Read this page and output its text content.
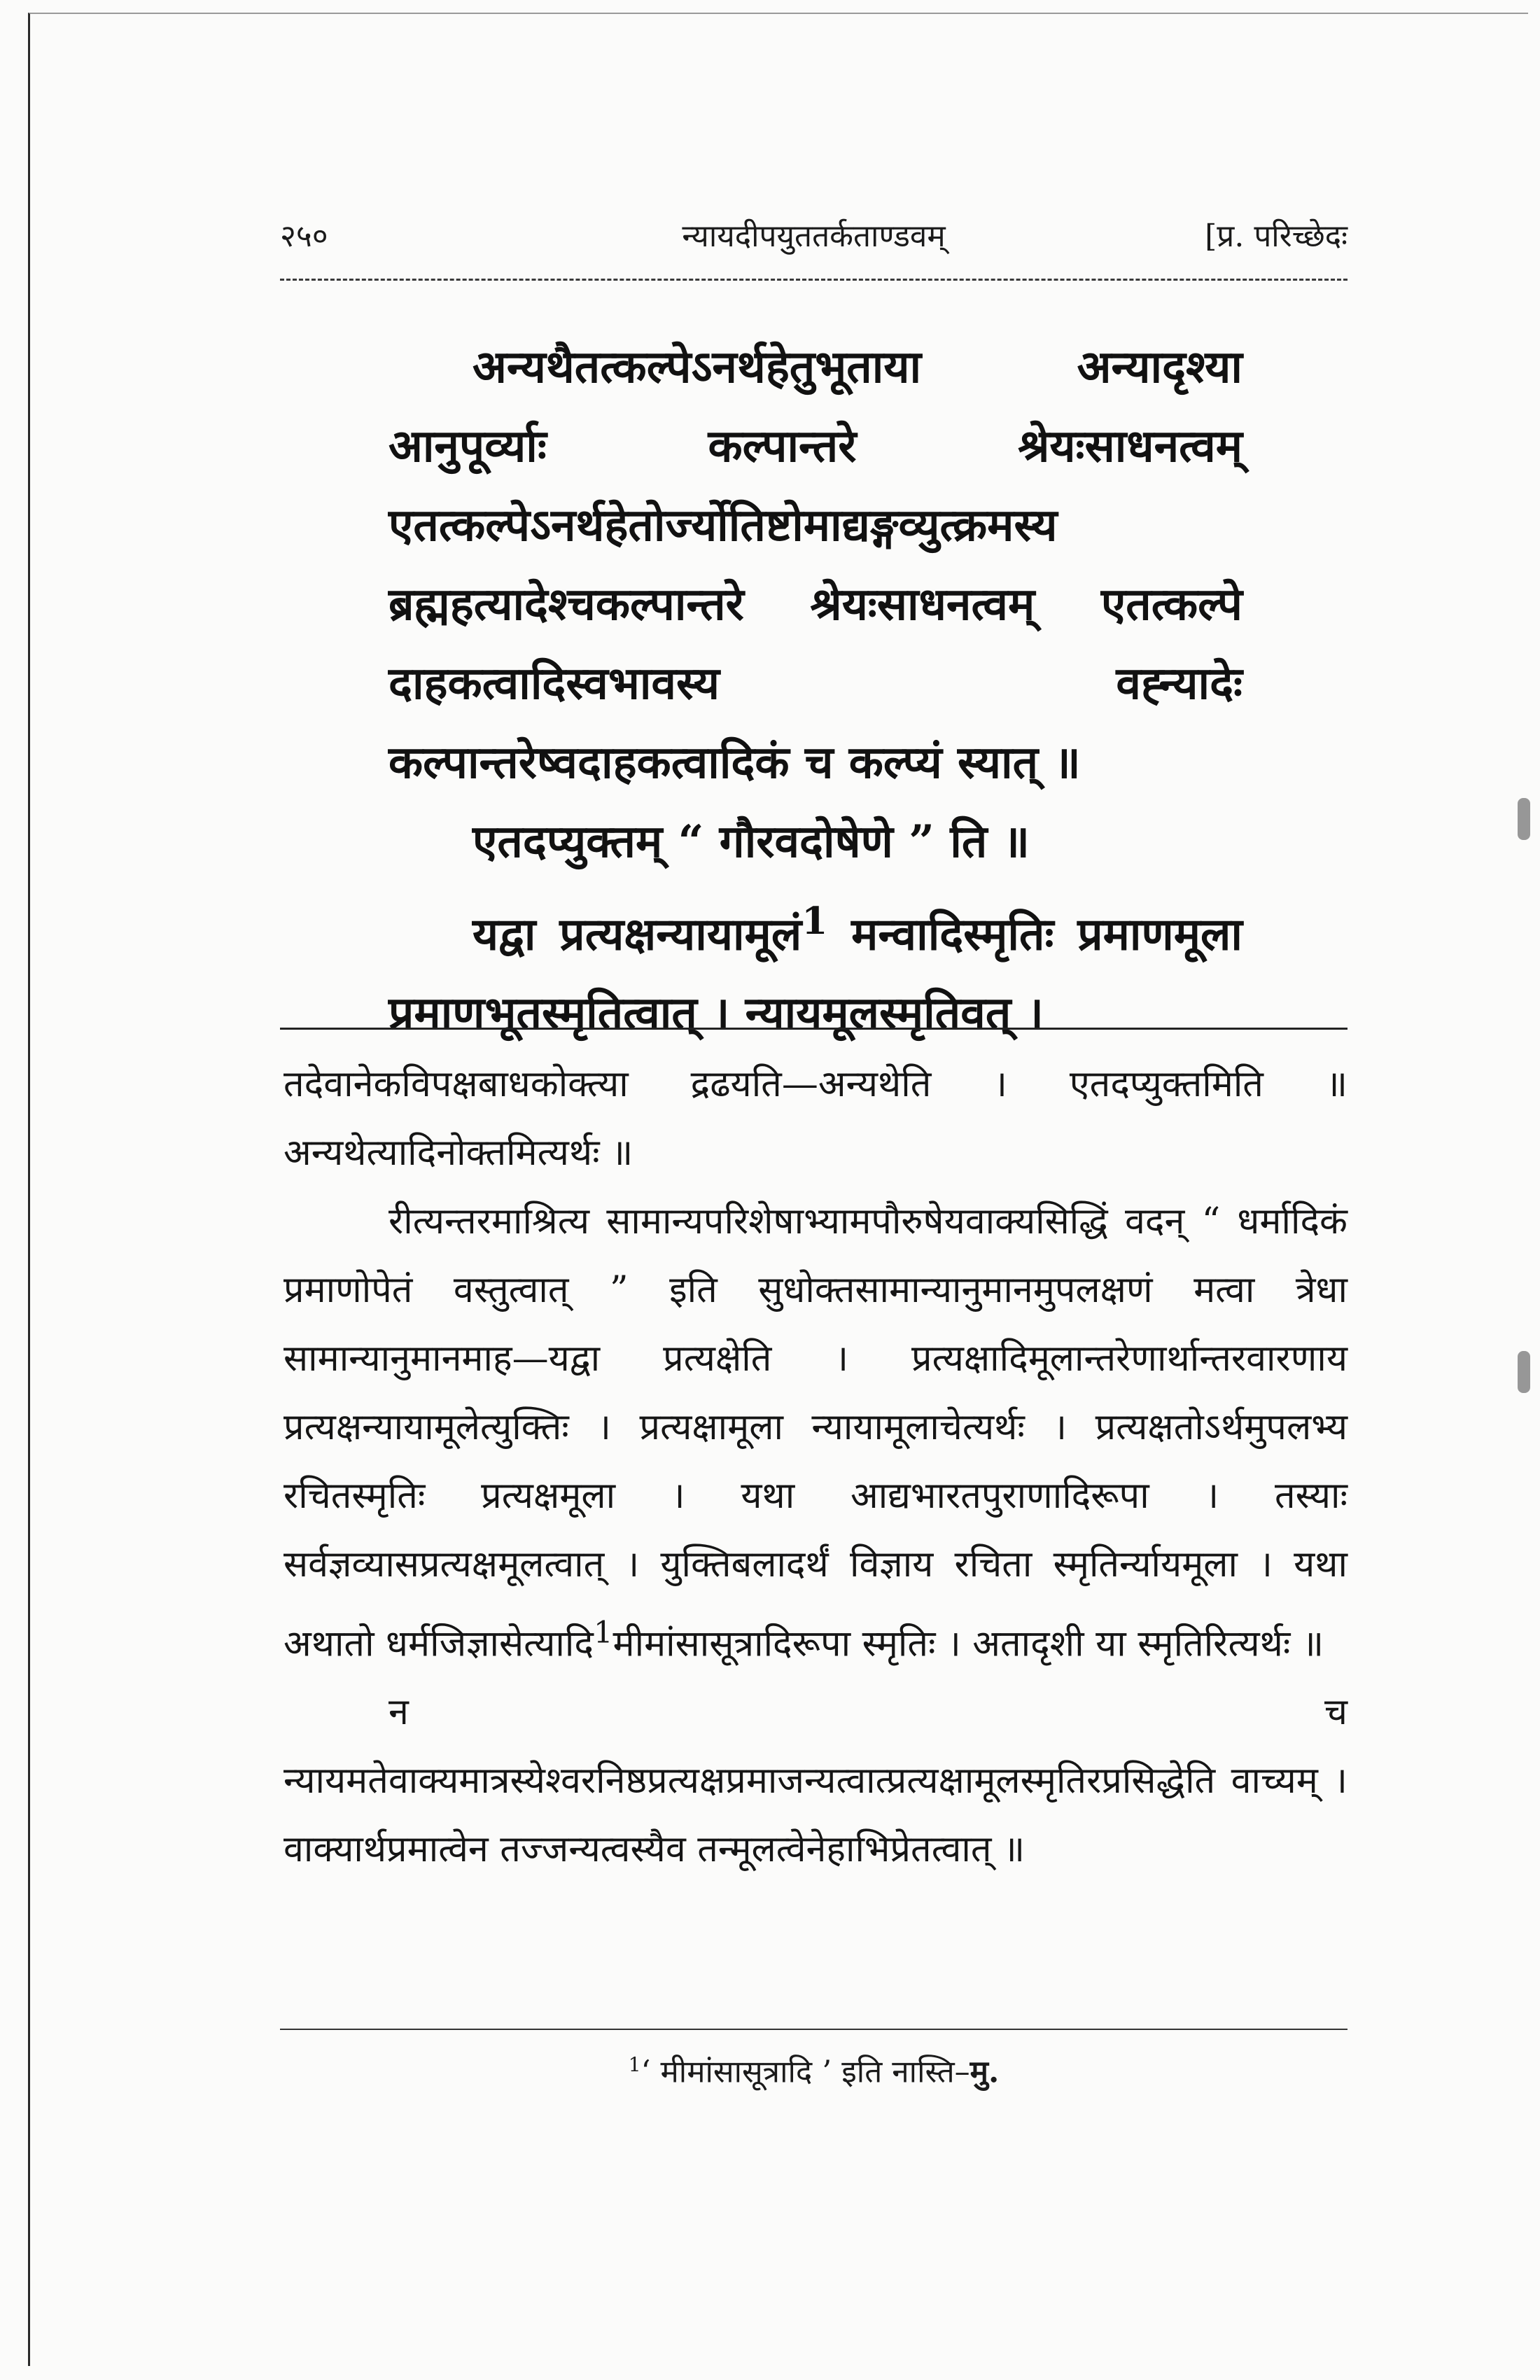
न्यायदीपयुततर्कताण्डवम्
२५०	[प्र. परिच्छेदः

अन्यथैतत्कल्पेऽनर्थहेतुभूताया अन्यादृश्या आनुपूर्व्याः कल्पान्तरे श्रेयःसाधनत्वम् एतत्कल्पेऽनर्थहेतोर्ज्योतिष्टोमाद्यङ्गव्युत्क्रमस्य ब्रह्महत्यादेश्चकल्पान्तरे श्रेयःसाधनत्वम् एतत्कल्पे दाहकत्वादिस्वभावस्य वह्न्यादेः कल्पान्तरेष्वदाहकत्वादिकं च कल्प्यं स्यात् ॥

एतदप्युक्तम् “ गौरवदोषेणे ” ति ॥

यद्वा प्रत्यक्षन्यायामूलं$^1$ मन्वादिस्मृतिः प्रमाणमूला प्रमाणभूतस्मृतित्वात् । न्यायमूलस्मृतिवत् ।

तदेवानेकविपक्षबाधकोक्त्या द्रढयति—अन्यथेति । एतदप्युक्तमिति ॥ अन्यथेत्यादिनोक्तमित्यर्थः ॥

रीत्यन्तरमाश्रित्य सामान्यपरिशेषाभ्यामपौरुषेयवाक्यसिद्धिं वदन् “ धर्मादिकं प्रमाणोपेतं वस्तुत्वात् ” इति सुधोक्तसामान्यानुमानमुपलक्षणं मत्वा त्रेधा सामान्यानुमानमाह—यद्वा प्रत्यक्षेति । प्रत्यक्षादिमूलान्तरेणार्थान्तरवारणाय प्रत्यक्षन्यायामूलेत्युक्तिः । प्रत्यक्षामूला न्यायामूलाचेत्यर्थः । प्रत्यक्षतोऽर्थमुपलभ्य रचितस्मृतिः प्रत्यक्षमूला । यथा आद्यभारतपुराणादिरूपा । तस्याः सर्वज्ञव्यासप्रत्यक्षमूलत्वात् । युक्तिबलादर्थं विज्ञाय रचिता स्मृतिर्न्यायमूला । यथा अथातो धर्मजिज्ञासेत्यादि$^1$मीमांसासूत्रादिरूपा स्मृतिः । अतादृशी या स्मृतिरित्यर्थः ॥

न च न्यायमतेवाक्यमात्रस्येश्वरनिष्ठप्रत्यक्षप्रमाजन्यत्वात्प्रत्यक्षामूलस्मृतिरप्रसिद्धेति वाच्यम् । वाक्यार्थप्रमात्वेन तज्जन्यत्वस्यैव तन्मूलत्वेनेहाभिप्रेतत्वात् ॥

$^1$‘ मीमांसासूत्रादि ’ इति नास्ति–मु.
